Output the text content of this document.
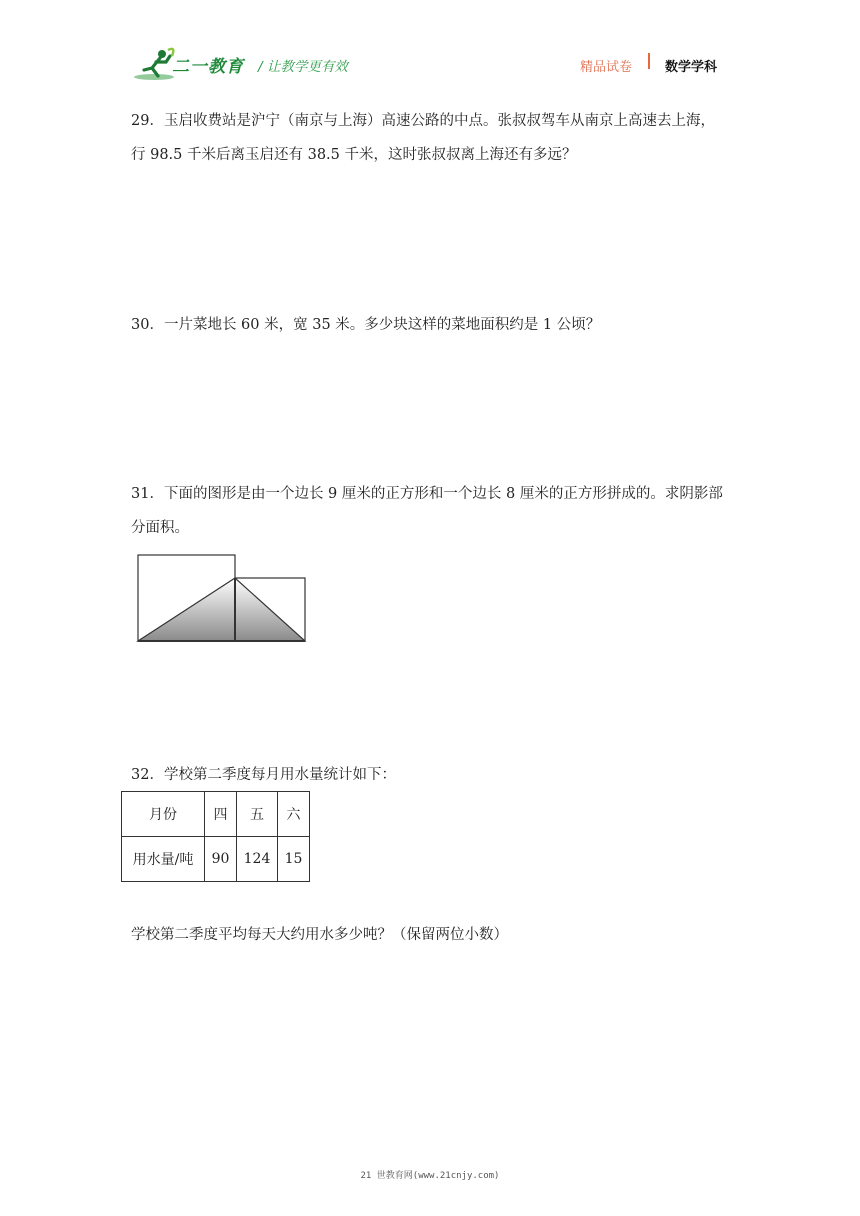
二一教育 / 让教学更有效	精品试卷	数学学科
29．玉启收费站是沪宁（南京与上海）高速公路的中点。张叔叔驾车从南京上高速去上海，
行 98.5 千米后离玉启还有 38.5 千米，这时张叔叔离上海还有多远？
30．一片菜地长 60 米，宽 35 米。多少块这样的菜地面积约是 1 公顷？
31．下面的图形是由一个边长 9 厘米的正方形和一个边长 8 厘米的正方形拼成的。求阴影部
分面积。
32．学校第二季度每月用水量统计如下：
月份	四	五	六
用水量/吨	90	124	15
学校第二季度平均每天大约用水多少吨？（保留两位小数）
21 世教育网(www.21cnjy.com)
